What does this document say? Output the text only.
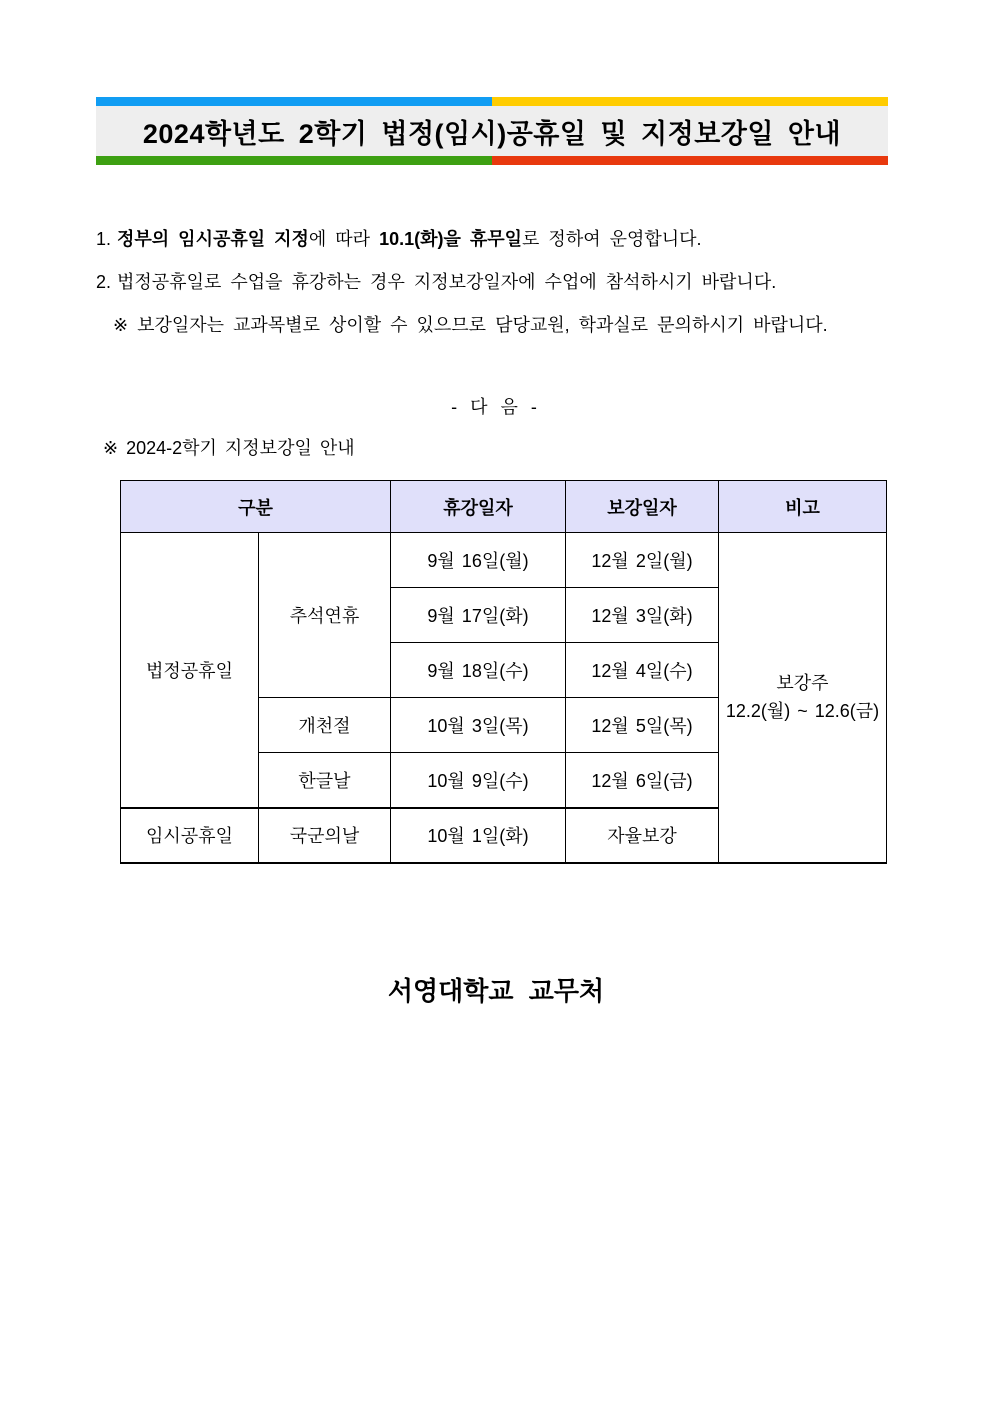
2024학년도 2학기 법정(임시)공휴일 및 지정보강일 안내

1. 정부의 임시공휴일 지정에 따라 10.1(화)을 휴무일로 정하여 운영합니다.

2. 법정공휴일로 수업을 휴강하는 경우 지정보강일자에 수업에 참석하시기 바랍니다.

※ 보강일자는 교과목별로 상이할 수 있으므로 담당교원, 학과실로 문의하시기 바랍니다.

- 다 음 -

※ 2024-2학기 지정보강일 안내

구분		휴강일자	보강일자	비고
법정공휴일	추석연휴	9월 16일(월)	12월 2일(월)	보강주
12.2(월) ~ 12.6(금)

		9월 17일(화)	12월 3일(화)	
		9월 18일(수)	12월 4일(수)	
	개천절	10월 3일(목)	12월 5일(목)	
	한글날	10월 9일(수)	12월 6일(금)	
임시공휴일	국군의날	10월 1일(화)	자율보강	

서영대학교 교무처
